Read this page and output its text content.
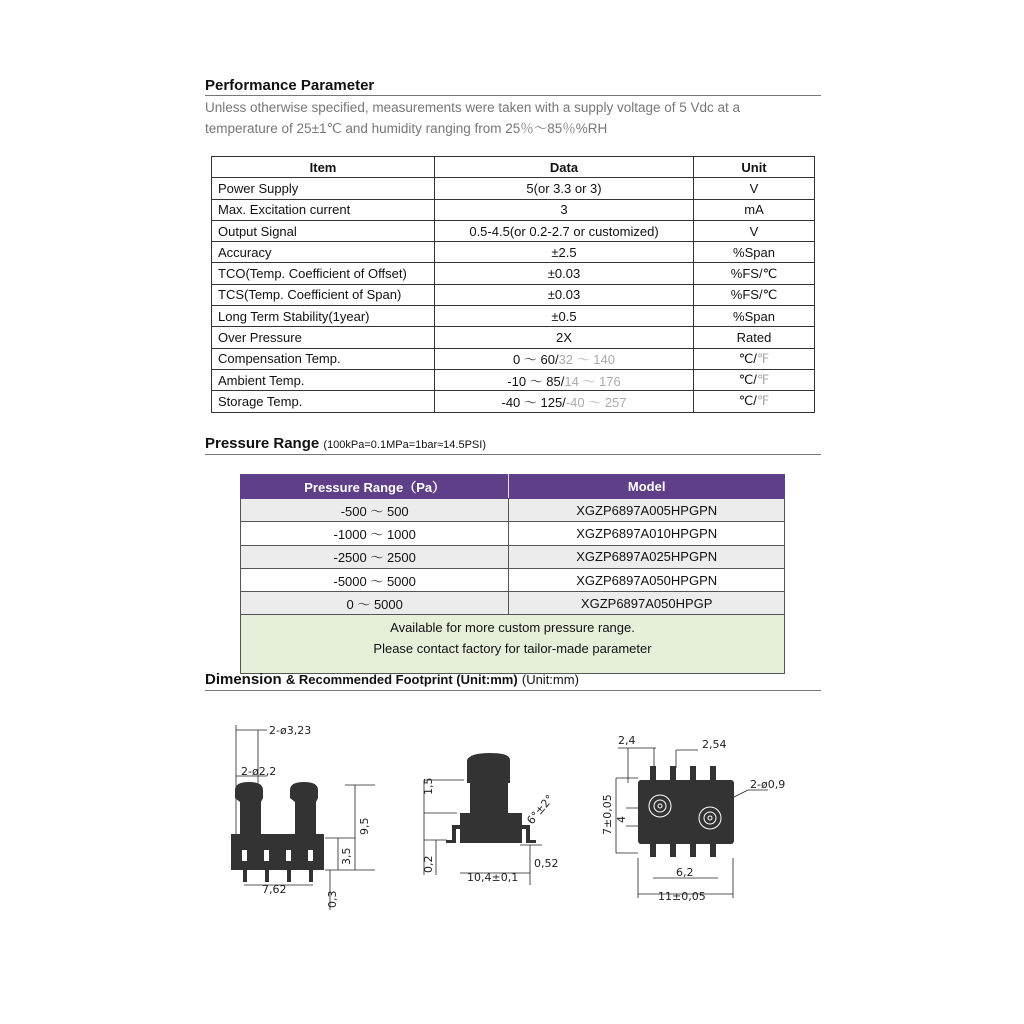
Performance Parameter
Unless otherwise specified, measurements were taken with a supply voltage of 5 Vdc at a
temperature of 25±1℃ and humidity ranging from 25％～85％%RH
Item	Data	Unit
Power Supply	5(or 3.3 or 3)	V
Max. Excitation current	3	mA
Output Signal	0.5-4.5(or 0.2-2.7 or customized)	V
Accuracy	±2.5	%Span
TCO(Temp. Coefficient of Offset)	±0.03	%FS/℃
TCS(Temp. Coefficient of Span)	±0.03	%FS/℃
Long Term Stability(1year)	±0.5	%Span
Over Pressure	2X	Rated
Compensation Temp.	0 ～ 60/32 ～ 140	℃/℉
Ambient Temp.	-10 ～ 85/14 ～ 176	℃/℉
Storage Temp.	-40 ～ 125/-40 ～ 257	℃/℉
Pressure Range (100kPa=0.1MPa=1bar≈14.5PSI)
Pressure Range（Pa）	Model
-500 ～ 500	XGZP6897A005HPGPN
-1000 ～ 1000	XGZP6897A010HPGPN
-2500 ～ 2500	XGZP6897A025HPGPN
-5000 ～ 5000	XGZP6897A050HPGPN
0 ～ 5000	XGZP6897A050HPGP

Available for more custom pressure range.
Please contact factory for tailor-made parameter	
Dimension & Recommended Footprint (Unit:mm) (Unit:mm)
2-ø3,23
2-ø2,2
9,5
3,5
7,62
0,3
1,5
6°±2°
10,4±0,1
0,2	0,52
2,4	2,54
2-ø0,9
7±0,05 4
6,2
11±0,05
